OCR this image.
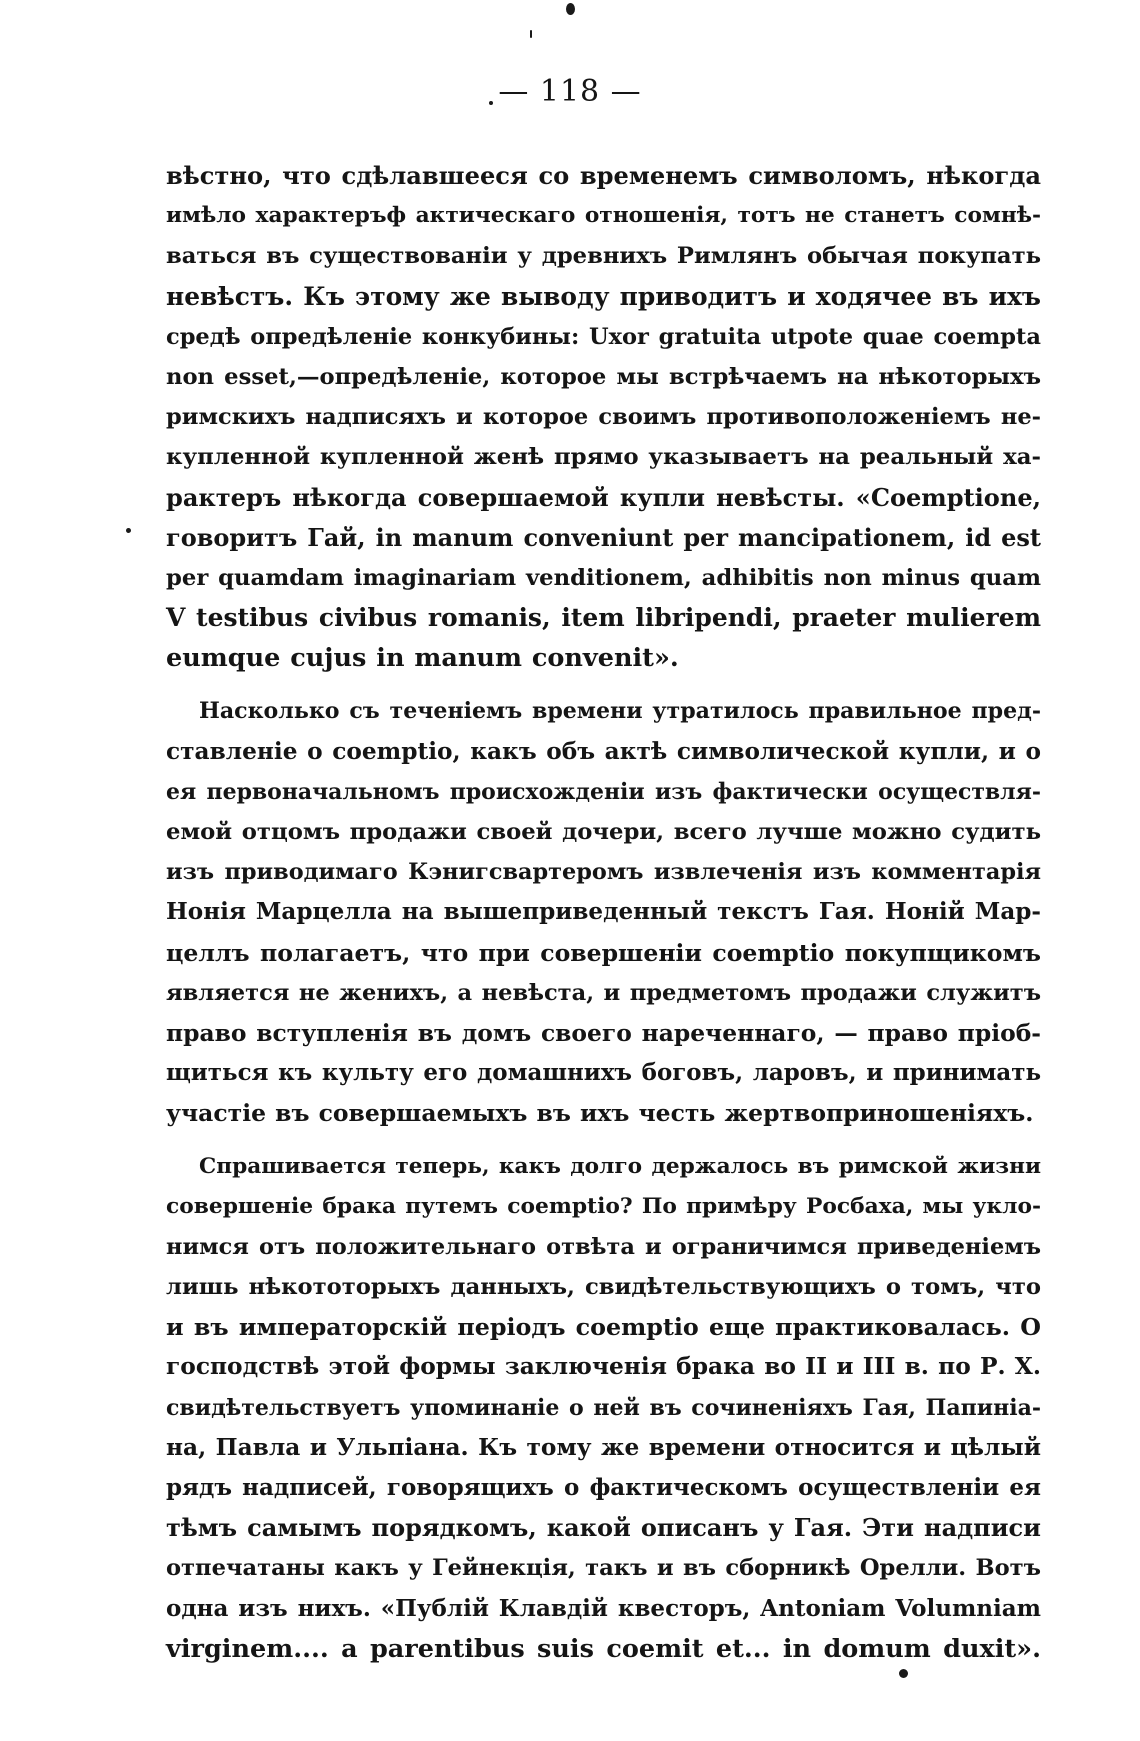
— 118 —
вѣстно, что сдѣлавшееся со временемъ символомъ, нѣкогда
имѣло характеръф актическаго отношенія, тотъ не станетъ сомнѣ-
ваться въ существованіи у древнихъ Римлянъ обычая покупать
невѣстъ. Къ этому же выводу приводитъ и ходячее въ ихъ
средѣ опредѣленіе конкубины: Uxor gratuita utpote quae coempta
non esset,—опредѣленіе, которое мы встрѣчаемъ на нѣкоторыхъ
римскихъ надписяхъ и которое своимъ противоположеніемъ не-
купленной купленной женѣ прямо указываетъ на реальный ха-
рактеръ нѣкогда совершаемой купли невѣсты. «Coemptione,
говоритъ Гай, in manum conveniunt per mancipationem, id est
per quamdam imaginariam venditionem, adhibitis non minus quam
V testibus civibus romanis, item libripendi, praeter mulierem
eumque cujus in manum convenit».
Насколько съ теченіемъ времени утратилось правильное пред-
ставленіе о coemptio, какъ объ актѣ символической купли, и о
ея первоначальномъ происхожденіи изъ фактически осуществля-
емой отцомъ продажи своей дочери, всего лучше можно судить
изъ приводимаго Кэнигсвартеромъ извлеченія изъ комментарія
Нонія Марцелла на вышеприведенный текстъ Гая. Ноній Мар-
целлъ полагаетъ, что при совершеніи coemptio покупщикомъ
является не женихъ, а невѣста, и предметомъ продажи служитъ
право вступленія въ домъ своего нареченнаго, — право пріоб-
щиться къ культу его домашнихъ боговъ, ларовъ, и принимать
участіе въ совершаемыхъ въ ихъ честь жертвоприношеніяхъ.
Спрашивается теперь, какъ долго держалось въ римской жизни
совершеніе брака путемъ coemptio? По примѣру Росбаха, мы укло-
нимся отъ положительнаго отвѣта и ограничимся приведеніемъ
лишь нѣкототорыхъ данныхъ, свидѣтельствующихъ о томъ, что
и въ императорскій періодъ coemptio еще практиковалась. О
господствѣ этой формы заключенія брака во II и III в. по Р. Х.
свидѣтельствуетъ упоминаніе о ней въ сочиненіяхъ Гая, Папиніа-
на, Павла и Ульпіана. Къ тому же времени относится и цѣлый
рядъ надписей, говорящихъ о фактическомъ осуществленіи ея
тѣмъ самымъ порядкомъ, какой описанъ у Гая. Эти надписи
отпечатаны какъ у Гейнекція, такъ и въ сборникѣ Орелли. Вотъ
одна изъ нихъ. «Публій Клавдій квесторъ, Antoniam Volumniam
virginem.... a parentibus suis coemit et... in domum duxit».
